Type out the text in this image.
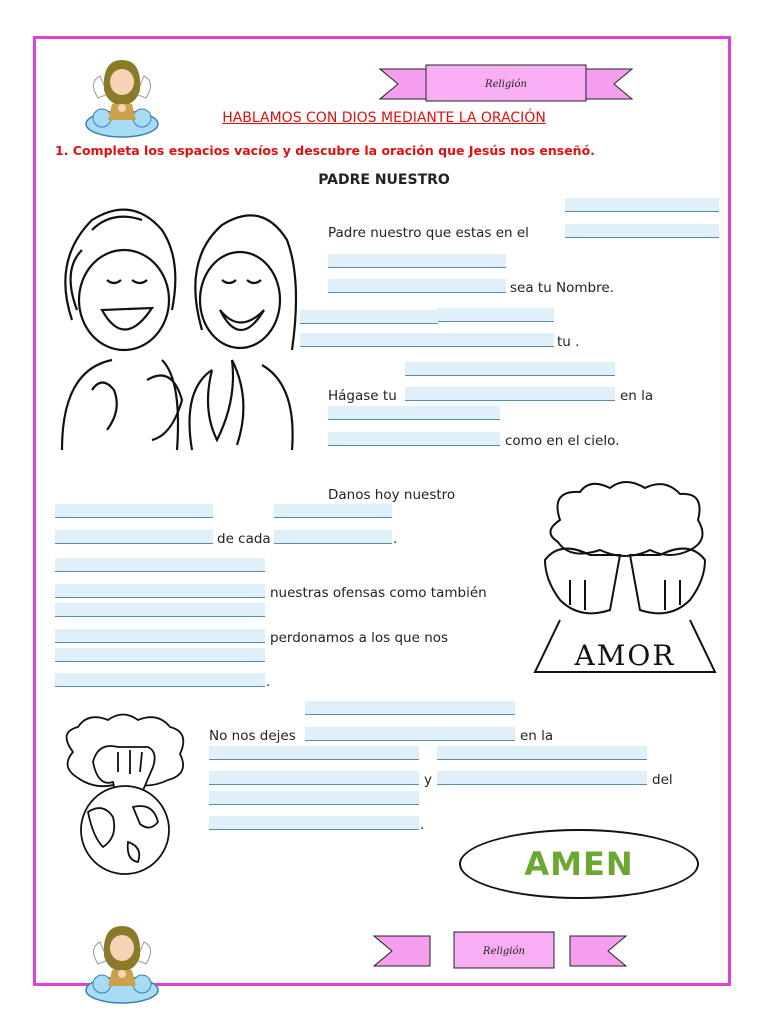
Religión
Religión
HABLAMOS CON DIOS MEDIANTE LA ORACIÓN
1. Completa los espacios vacíos y descubre la oración que Jesús nos enseñó.
PADRE NUESTRO
AMOR
Padre nuestro que estas en el
sea tu Nombre.
tu .
Hágase tu	en la
como en el cielo.
Danos hoy nuestro
de cada	.
nuestras ofensas como también
perdonamos a los que nos
.
No nos dejes	en la
y	del
.
AMEN
